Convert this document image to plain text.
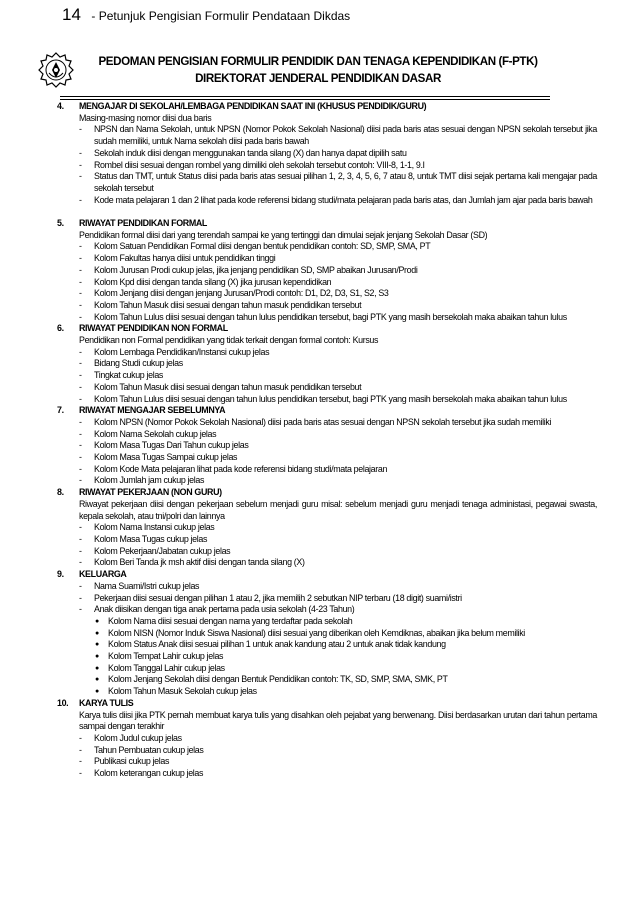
14 - Petunjuk Pengisian Formulir Pendataan Dikdas
PEDOMAN PENGISIAN FORMULIR PENDIDIK DAN TENAGA KEPENDIDIKAN (F-PTK)
DIREKTORAT JENDERAL PENDIDIKAN DASAR
4. MENGAJAR DI SEKOLAH/LEMBAGA PENDIDIKAN SAAT INI (KHUSUS PENDIDIK/GURU)
Masing-masing nomor diisi dua baris
- NPSN dan Nama Sekolah, untuk NPSN (Nomor Pokok Sekolah Nasional) diisi pada baris atas sesuai dengan NPSN sekolah tersebut jika sudah memiliki, untuk Nama sekolah diisi pada baris bawah
- Sekolah induk diisi dengan menggunakan tanda silang (X) dan hanya dapat dipilih satu
- Rombel diisi sesuai dengan rombel yang dimiliki oleh sekolah tersebut contoh: VIII-8, 1-1, 9.I
- Status dan TMT, untuk Status diisi pada baris atas sesuai pilihan 1, 2, 3, 4, 5, 6, 7 atau 8, untuk TMT diisi sejak pertama kali mengajar pada sekolah tersebut
- Kode mata pelajaran 1 dan 2 lihat pada kode referensi bidang studi/mata pelajaran pada baris atas, dan Jumlah jam ajar pada baris bawah
5. RIWAYAT PENDIDIKAN FORMAL
Pendidikan formal diisi dari yang terendah sampai ke yang tertinggi dan dimulai sejak jenjang Sekolah Dasar (SD)
- Kolom Satuan Pendidikan Formal diisi dengan bentuk pendidikan contoh: SD, SMP, SMA, PT
- Kolom Fakultas hanya diisi untuk pendidikan tinggi
- Kolom Jurusan Prodi cukup jelas, jika jenjang pendidikan SD, SMP abaikan Jurusan/Prodi
- Kolom Kpd diisi dengan tanda silang (X) jika jurusan kependidikan
- Kolom Jenjang diisi dengan jenjang Jurusan/Prodi contoh: D1, D2, D3, S1, S2, S3
- Kolom Tahun Masuk diisi sesuai dengan tahun masuk pendidikan tersebut
- Kolom Tahun Lulus diisi sesuai dengan tahun lulus pendidikan tersebut, bagi PTK yang masih bersekolah maka abaikan tahun lulus
6. RIWAYAT PENDIDIKAN NON FORMAL
Pendidikan non Formal pendidikan yang tidak terkait dengan formal contoh: Kursus
- Kolom Lembaga Pendidikan/Instansi cukup jelas
- Bidang Studi cukup jelas
- Tingkat cukup jelas
- Kolom Tahun Masuk diisi sesuai dengan tahun masuk pendidikan tersebut
- Kolom Tahun Lulus diisi sesuai dengan tahun lulus pendidikan tersebut, bagi PTK yang masih bersekolah maka abaikan tahun lulus
7. RIWAYAT MENGAJAR SEBELUMNYA
- Kolom NPSN (Nomor Pokok Sekolah Nasional) diisi pada baris atas sesuai dengan NPSN sekolah tersebut jika sudah memiliki
- Kolom Nama Sekolah cukup jelas
- Kolom Masa Tugas Dari Tahun cukup jelas
- Kolom Masa Tugas Sampai cukup jelas
- Kolom Kode Mata pelajaran lihat pada kode referensi bidang studi/mata pelajaran
- Kolom Jumlah jam cukup jelas
8. RIWAYAT PEKERJAAN (NON GURU)
Riwayat pekerjaan diisi dengan pekerjaan sebelum menjadi guru misal: sebelum menjadi guru menjadi tenaga administasi, pegawai swasta, kepala sekolah, atau tni/polri dan lainnya
- Kolom Nama Instansi cukup jelas
- Kolom Masa Tugas cukup jelas
- Kolom Pekerjaan/Jabatan cukup jelas
- Kolom Beri Tanda jk msh aktif diisi dengan tanda silang (X)
9. KELUARGA
- Nama Suami/Istri cukup jelas
- Pekerjaan diisi sesuai dengan pilihan 1 atau 2, jika memilih 2 sebutkan NIP terbaru (18 digit) suami/istri
- Anak diisikan dengan tiga anak pertama pada usia sekolah (4-23 Tahun)
● Kolom Nama diisi sesuai dengan nama yang terdaftar pada sekolah
● Kolom NISN (Nomor Induk Siswa Nasional) diisi sesuai yang diberikan oleh Kemdiknas, abaikan jika belum memiliki
● Kolom Status Anak diisi sesuai pilihan 1 untuk anak kandung atau 2 untuk anak tidak kandung
● Kolom Tempat Lahir cukup jelas
● Kolom Tanggal Lahir cukup jelas
● Kolom Jenjang Sekolah diisi dengan Bentuk Pendidikan contoh: TK, SD, SMP, SMA, SMK, PT
● Kolom Tahun Masuk Sekolah cukup jelas
10. KARYA TULIS
Karya tulis diisi jika PTK pernah membuat karya tulis yang disahkan oleh pejabat yang berwenang. Diisi berdasarkan urutan dari tahun pertama sampai dengan terakhir
- Kolom Judul cukup jelas
- Tahun Pembuatan cukup jelas
- Publikasi cukup jelas
- Kolom keterangan cukup jelas
